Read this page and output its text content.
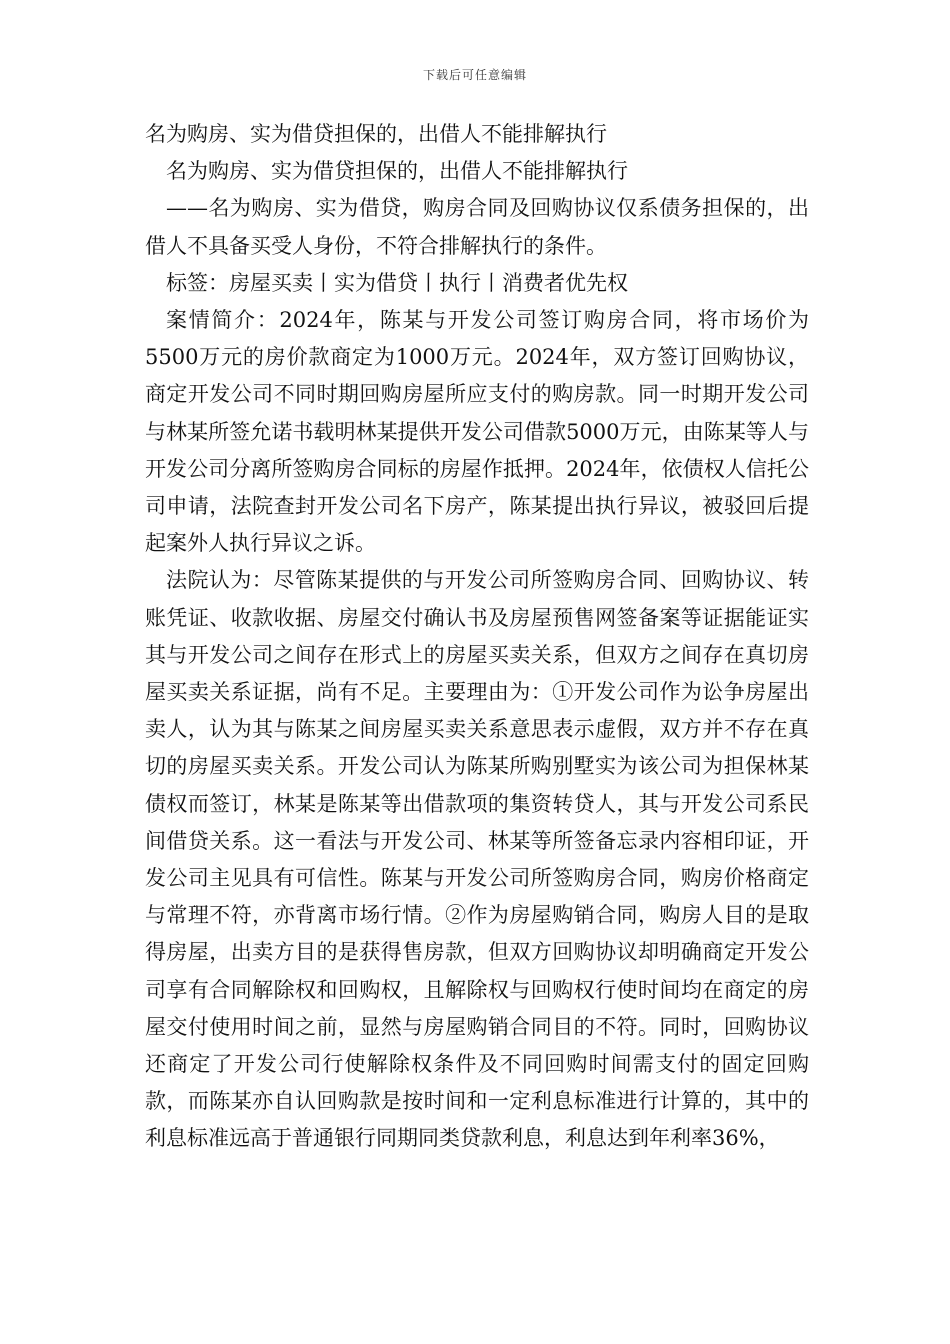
下载后可任意编辑

名为购房、实为借贷担保的，出借人不能排解执行

名为购房、实为借贷担保的，出借人不能排解执行

——名为购房、实为借贷，购房合同及回购协议仅系债务担保的，出借人不具备买受人身份，不符合排解执行的条件。

标签：房屋买卖丨实为借贷丨执行丨消费者优先权

案情简介：2024年，陈某与开发公司签订购房合同，将市场价为5500万元的房价款商定为1000万元。2024年，双方签订回购协议，商定开发公司不同时期回购房屋所应支付的购房款。同一时期开发公司与林某所签允诺书载明林某提供开发公司借款5000万元，由陈某等人与开发公司分离所签购房合同标的房屋作抵押。2024年，依债权人信托公司申请，法院查封开发公司名下房产，陈某提出执行异议，被驳回后提起案外人执行异议之诉。

法院认为：尽管陈某提供的与开发公司所签购房合同、回购协议、转账凭证、收款收据、房屋交付确认书及房屋预售网签备案等证据能证实其与开发公司之间存在形式上的房屋买卖关系，但双方之间存在真切房屋买卖关系证据，尚有不足。主要理由为：①开发公司作为讼争房屋出卖人，认为其与陈某之间房屋买卖关系意思表示虚假，双方并不存在真切的房屋买卖关系。开发公司认为陈某所购别墅实为该公司为担保林某债权而签订，林某是陈某等出借款项的集资转贷人，其与开发公司系民间借贷关系。这一看法与开发公司、林某等所签备忘录内容相印证，开发公司主见具有可信性。陈某与开发公司所签购房合同，购房价格商定与常理不符，亦背离市场行情。②作为房屋购销合同，购房人目的是取得房屋，出卖方目的是获得售房款，但双方回购协议却明确商定开发公司享有合同解除权和回购权，且解除权与回购权行使时间均在商定的房屋交付使用时间之前，显然与房屋购销合同目的不符。同时，回购协议还商定了开发公司行使解除权条件及不同回购时间需支付的固定回购款，而陈某亦自认回购款是按时间和一定利息标准进行计算的，其中的利息标准远高于普通银行同期同类贷款利息，利息达到年利率36%，
